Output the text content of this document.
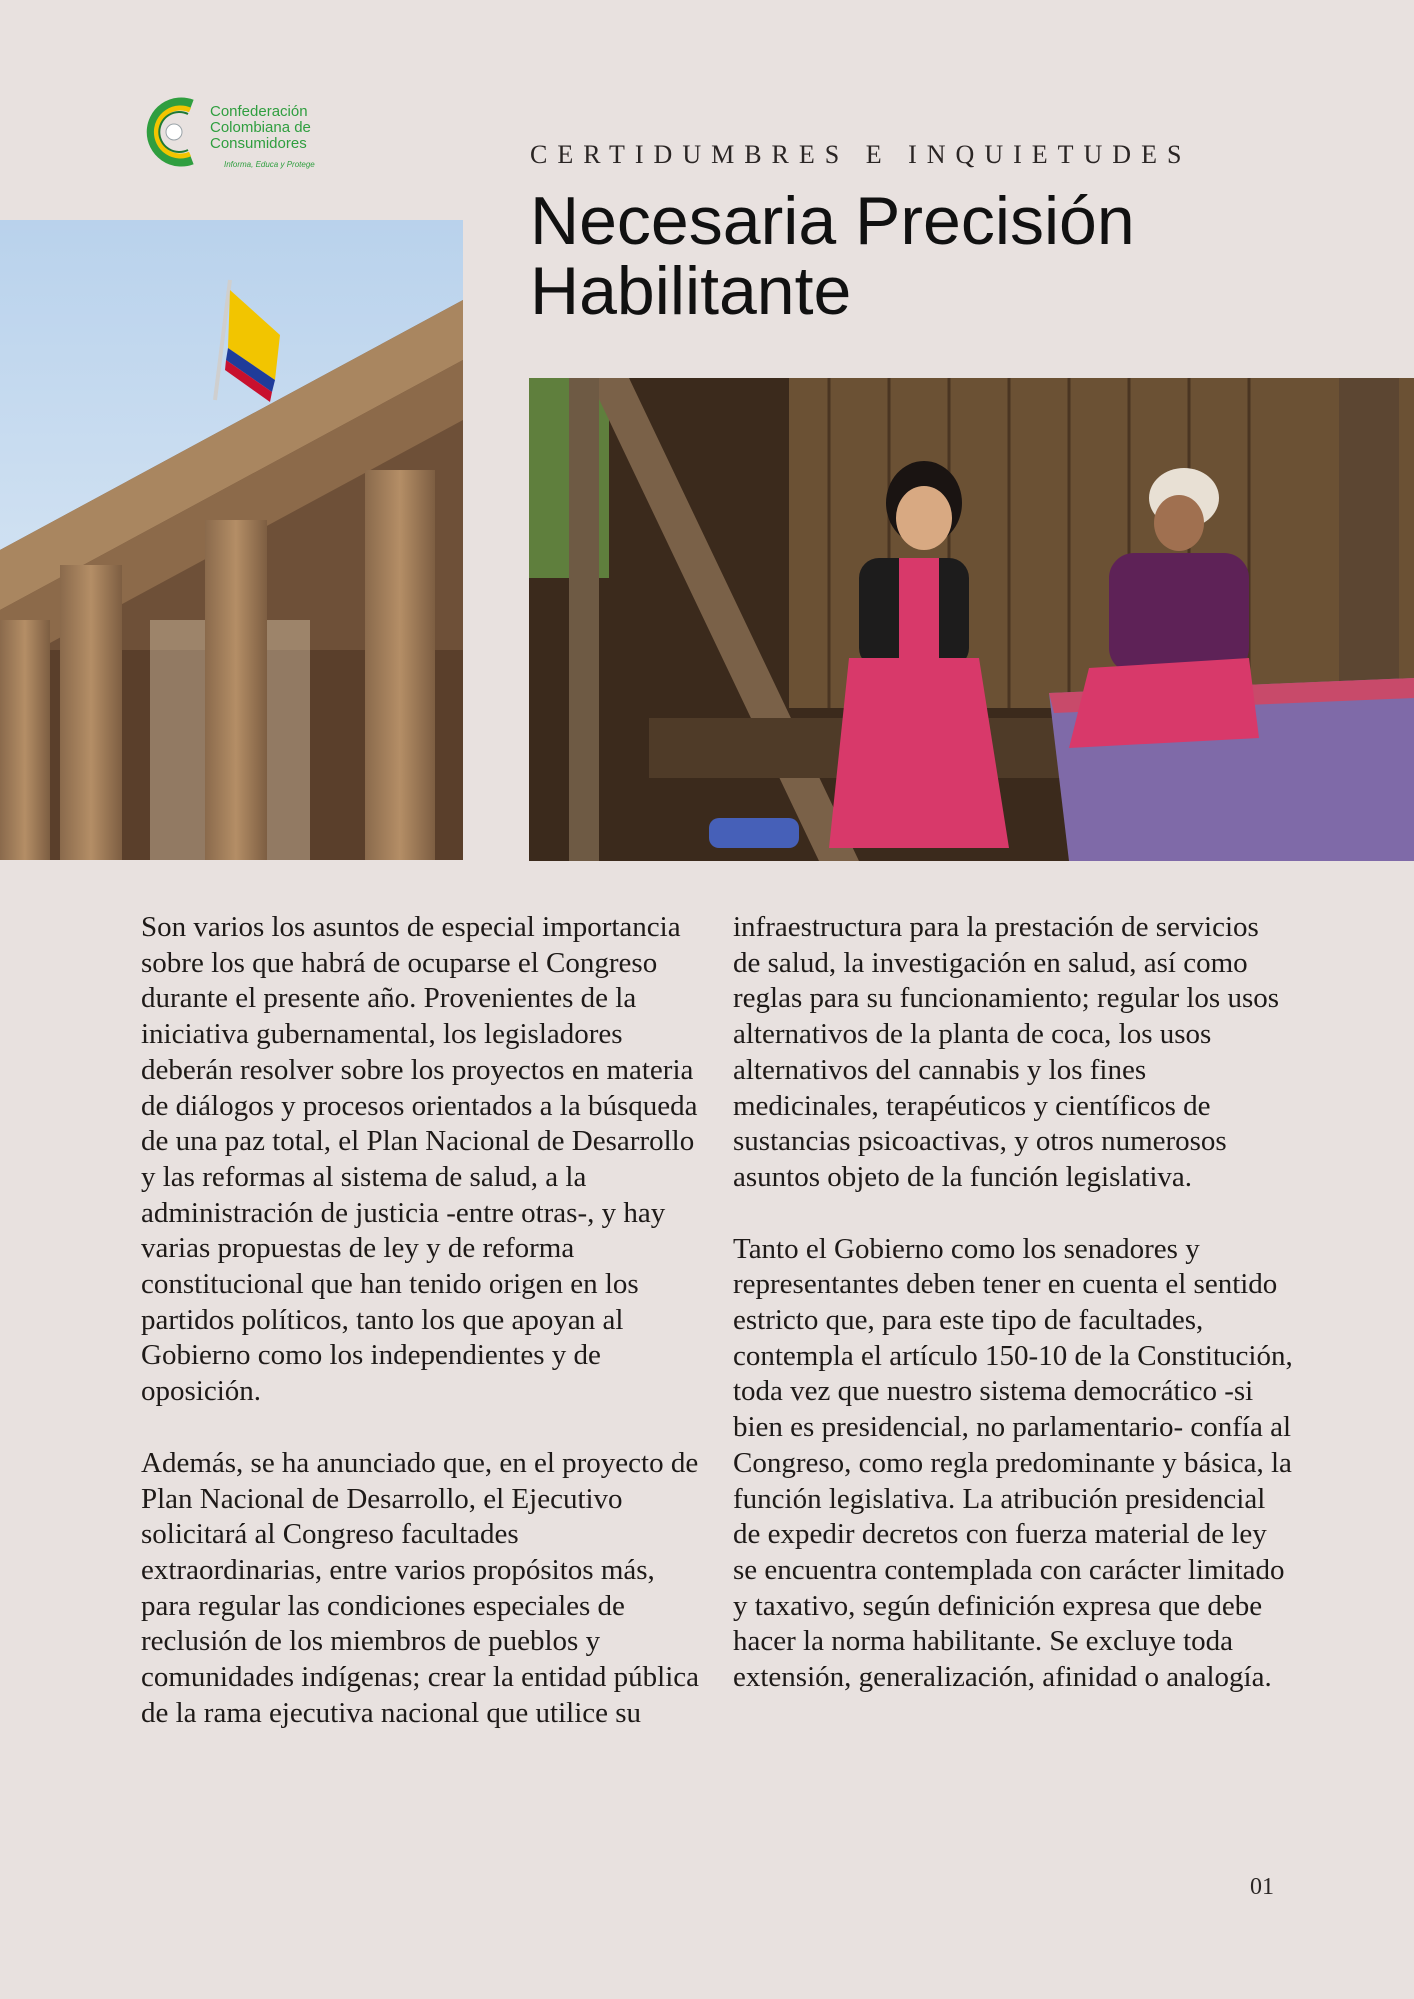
Confederación
Colombiana de
Consumidores
Informa, Educa y Protege	CERTIDUMBRES E INQUIETUDES
Necesaria Precisión
Habilitante

Son varios los asuntos de especial importancia sobre los que habrá de ocuparse el Congreso durante el presente año. Provenientes de la iniciativa gubernamental, los legisladores deberán resolver sobre los proyectos en materia de diálogos y procesos orientados a la búsqueda de una paz total, el Plan Nacional de Desarrollo y las reformas al sistema de salud, a la administración de justicia -entre otras-, y hay varias propuestas de ley y de reforma constitucional que han tenido origen en los partidos políticos, tanto los que apoyan al Gobierno como los independientes y de oposición.

Además, se ha anunciado que, en el proyecto de Plan Nacional de Desarrollo, el Ejecutivo solicitará al Congreso facultades extraordinarias, entre varios propósitos más, para regular las condiciones especiales de reclusión de los miembros de pueblos y comunidades indígenas; crear la entidad pública de la rama ejecutiva nacional que utilice su

infraestructura para la prestación de servicios de salud, la investigación en salud, así como reglas para su funcionamiento; regular los usos alternativos de la planta de coca, los usos alternativos del cannabis y los fines medicinales, terapéuticos y científicos de sustancias psicoactivas, y otros numerosos asuntos objeto de la función legislativa.

Tanto el Gobierno como los senadores y representantes deben tener en cuenta el sentido estricto que, para este tipo de facultades, contempla el artículo 150-10 de la Constitución, toda vez que nuestro sistema democrático -si bien es presidencial, no parlamentario- confía al Congreso, como regla predominante y básica, la función legislativa. La atribución presidencial de expedir decretos con fuerza material de ley se encuentra contemplada con carácter limitado y taxativo, según definición expresa que debe hacer la norma habilitante. Se excluye toda extensión, generalización, afinidad o analogía.

01
